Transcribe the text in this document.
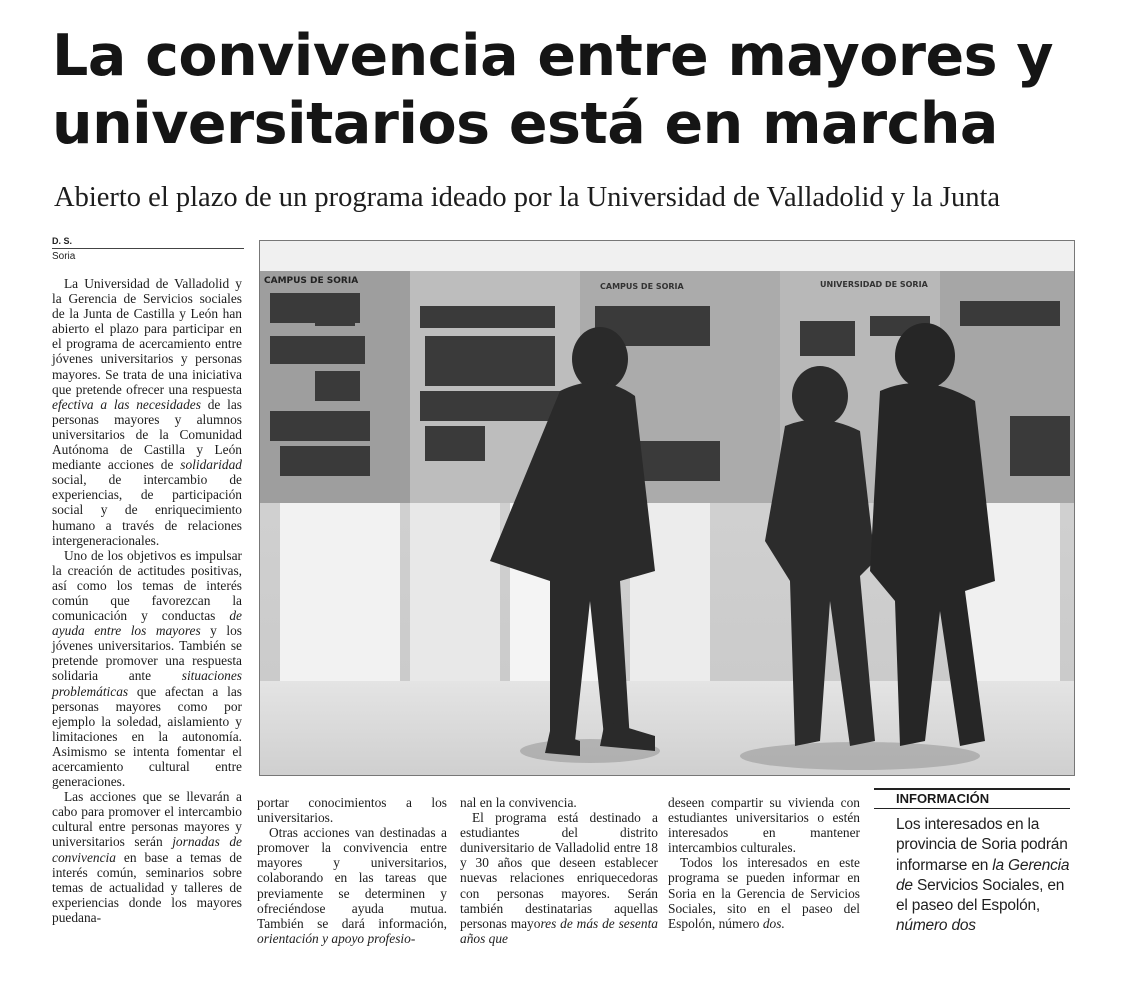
La convivencia entre mayores y
universitarios está en marcha
Abierto el plazo de un programa ideado por la Universidad de Valladolid y la Junta
D. S.
Soria
CAMPUS DE SORIA
CAMPUS DE SORIA	UNIVERSIDAD DE SORIA

La Universidad de Valladolid y la Gerencia de Servicios sociales de la Junta de Castilla y León han abierto el plazo para participar en el programa de acercamiento entre jóvenes universitarios y personas mayores. Se trata de una iniciativa que pretende ofrecer una respuesta efectiva a las necesidades de las personas mayores y alumnos universitarios de la Comunidad Autónoma de Castilla y León mediante acciones de solidaridad social, de intercambio de experiencias, de participación social y de enriquecimiento humano a través de relaciones intergeneracionales.

Uno de los objetivos es impulsar la creación de actitudes positivas, así como los temas de interés común que favorezcan la comunicación y conductas de ayuda entre los mayores y los jóvenes universitarios. También se pretende promover una respuesta solidaria ante situaciones problemáticas que afectan a las personas mayores como por ejemplo la soledad, aislamiento y limitaciones en la autonomía. Asimismo se intenta fomentar el acercamiento cultural entre generaciones.

Las acciones que se llevarán a cabo para promover el intercambio cultural entre personas mayores y universitarios serán jornadas de convivencia en base a temas de interés común, seminarios sobre temas de actualidad y talleres de experiencias donde los mayores puedana-

portar conocimientos a los universitarios.

Otras acciones van destinadas a promover la convivencia entre mayores y universitarios, colaborando en las tareas que previamente se determinen y ofreciéndose ayuda mutua. También se dará información, orientación y apoyo profesio-

nal en la convivencia.

El programa está destinado a estudiantes del distrito duniversitario de Valladolid entre 18 y 30 años que deseen establecer nuevas relaciones enriquecedoras con personas mayores. Serán también destinatarias aquellas personas mayores de más de sesenta años que

deseen compartir su vivienda con estudiantes universitarios o estén interesados en mantener intercambios culturales.

Todos los interesados en este programa se pueden informar en Soria en la Gerencia de Servicios Sociales, sito en el paseo del Espolón, número dos.

INFORMACIÓN
Los interesados en la provincia de Soria podrán informarse en la Gerencia de Servicios Sociales, en el paseo del Espolón, número dos
